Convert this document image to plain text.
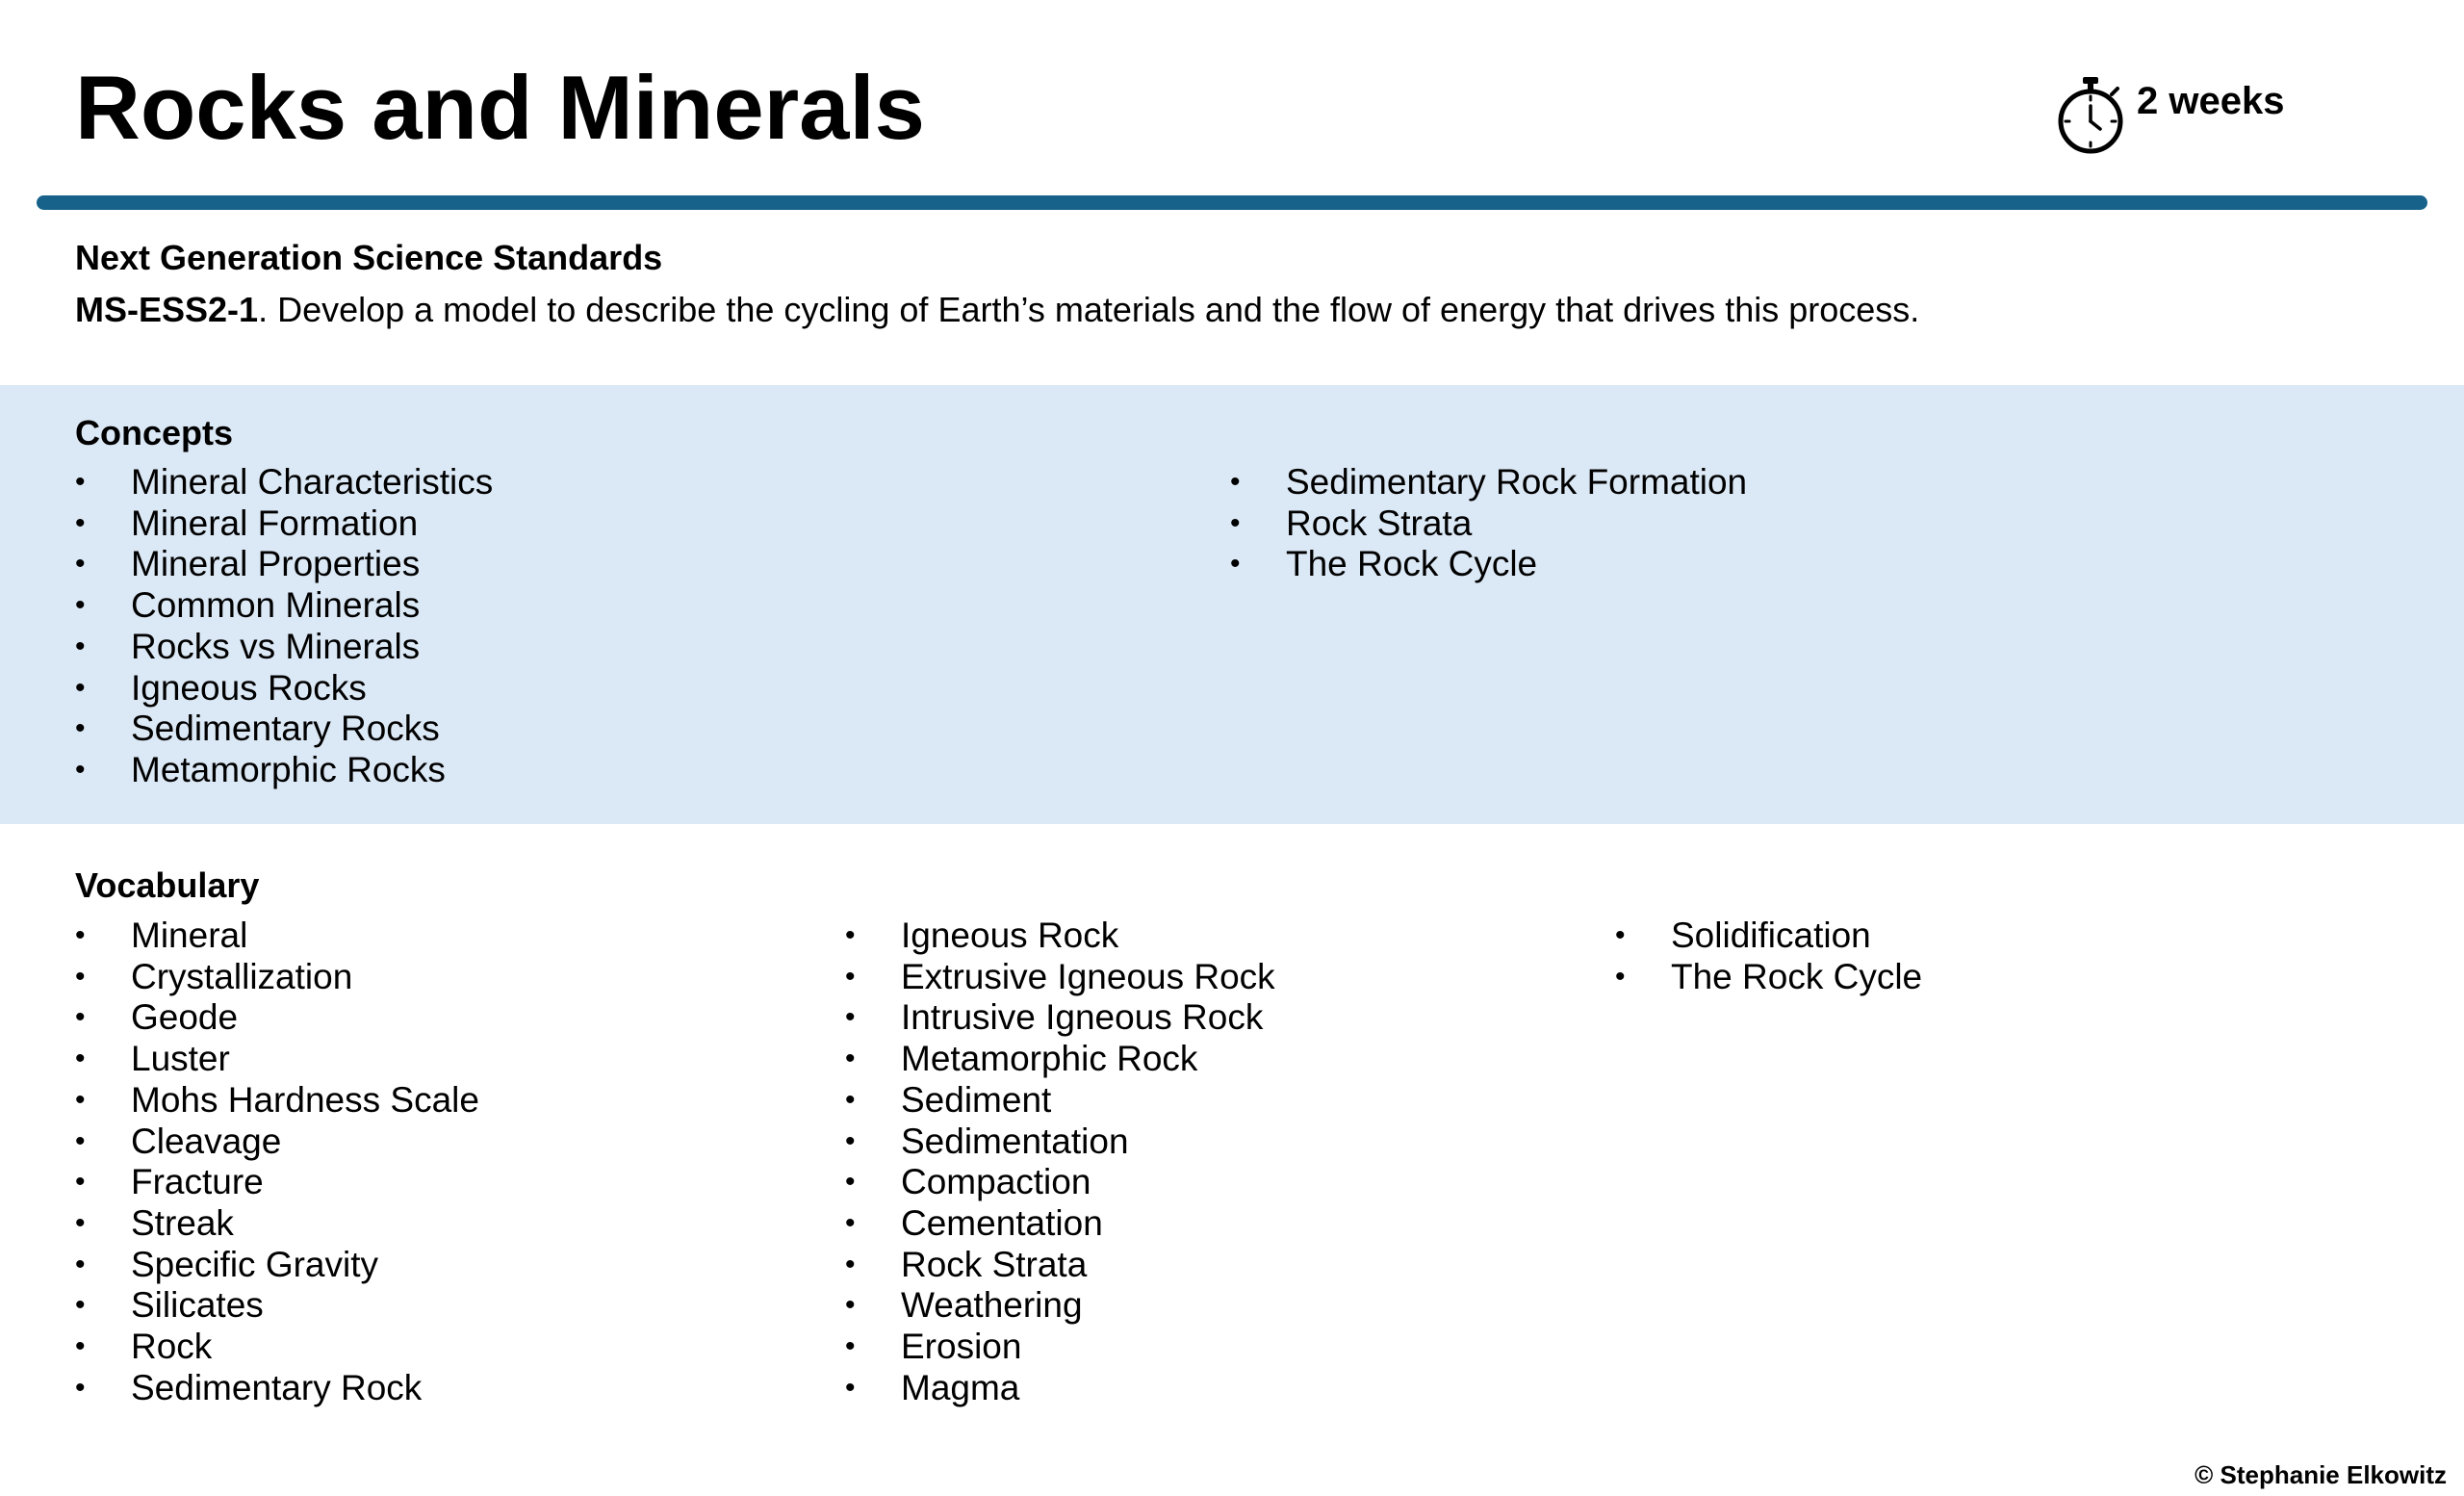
Rocks and Minerals	2 weeks

Next Generation Science Standards

MS-ESS2-1. Develop a model to describe the cycling of Earth’s materials and the flow of energy that drives this process.

Concepts

• Mineral Characteristics
• Mineral Formation
• Mineral Properties
• Common Minerals
• Rocks vs Minerals
• Igneous Rocks
• Sedimentary Rocks
• Metamorphic Rocks
• Sedimentary Rock Formation
• Rock Strata
• The Rock Cycle

Vocabulary

• Mineral
• Crystallization
• Geode
• Luster
• Mohs Hardness Scale
• Cleavage
• Fracture
• Streak
• Specific Gravity
• Silicates
• Rock
• Sedimentary Rock
• Igneous Rock
• Extrusive Igneous Rock
• Intrusive Igneous Rock
• Metamorphic Rock
• Sediment
• Sedimentation
• Compaction
• Cementation
• Rock Strata
• Weathering
• Erosion
• Magma
• Solidification
• The Rock Cycle
© Stephanie Elkowitz
